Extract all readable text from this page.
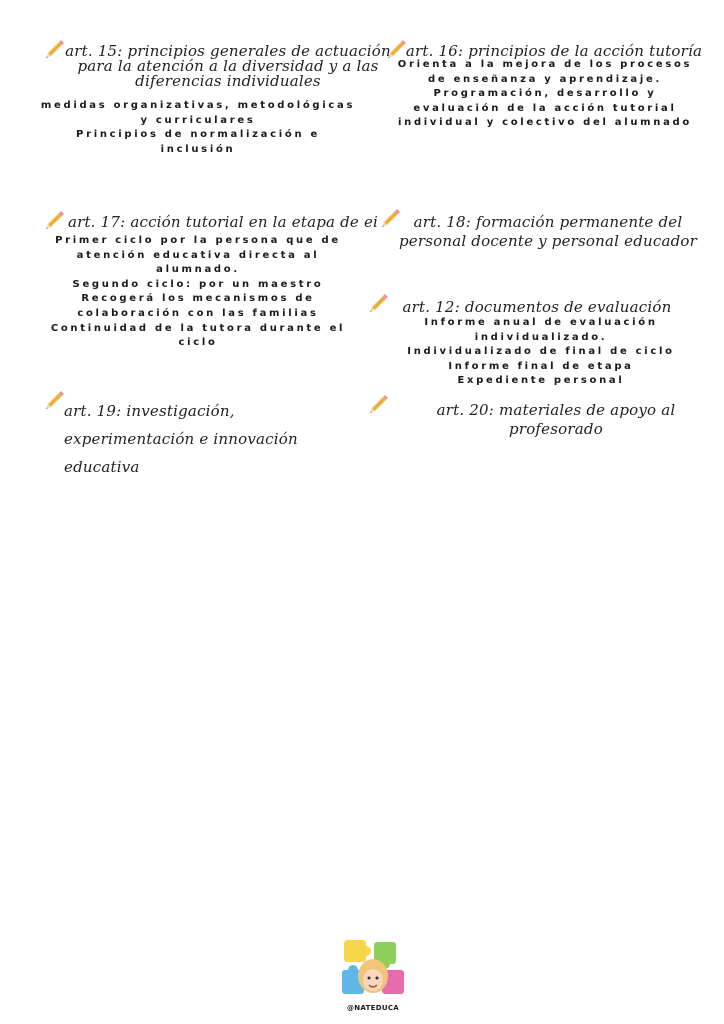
art. 15: principios generales de actuación
para la atención a la diversidad y a las
diferencias individuales
medidas organizativas, metodológicas
y curriculares
Principios de normalización e
inclusión
art. 16: principios de la acción tutoría
Orienta a la mejora de los procesos
de enseñanza y aprendizaje.
Programación, desarrollo y
evaluación de la acción tutorial
individual y colectivo del alumnado
art. 17: acción tutorial en la etapa de ei
Primer ciclo por la persona que de
atención educativa directa al
alumnado.
Segundo ciclo: por un maestro
Recogerá los mecanismos de
colaboración con las familias
Continuidad de la tutora durante el
ciclo
art. 18: formación permanente del
personal docente y personal educador
art. 12: documentos de evaluación
Informe anual de evaluación
individualizado.
Individualizado de final de ciclo
Informe final de etapa
Expediente personal
art. 19: investigación,
experimentación e innovación
educativa
art. 20: materiales de apoyo al
profesorado
@NATEDUCA
